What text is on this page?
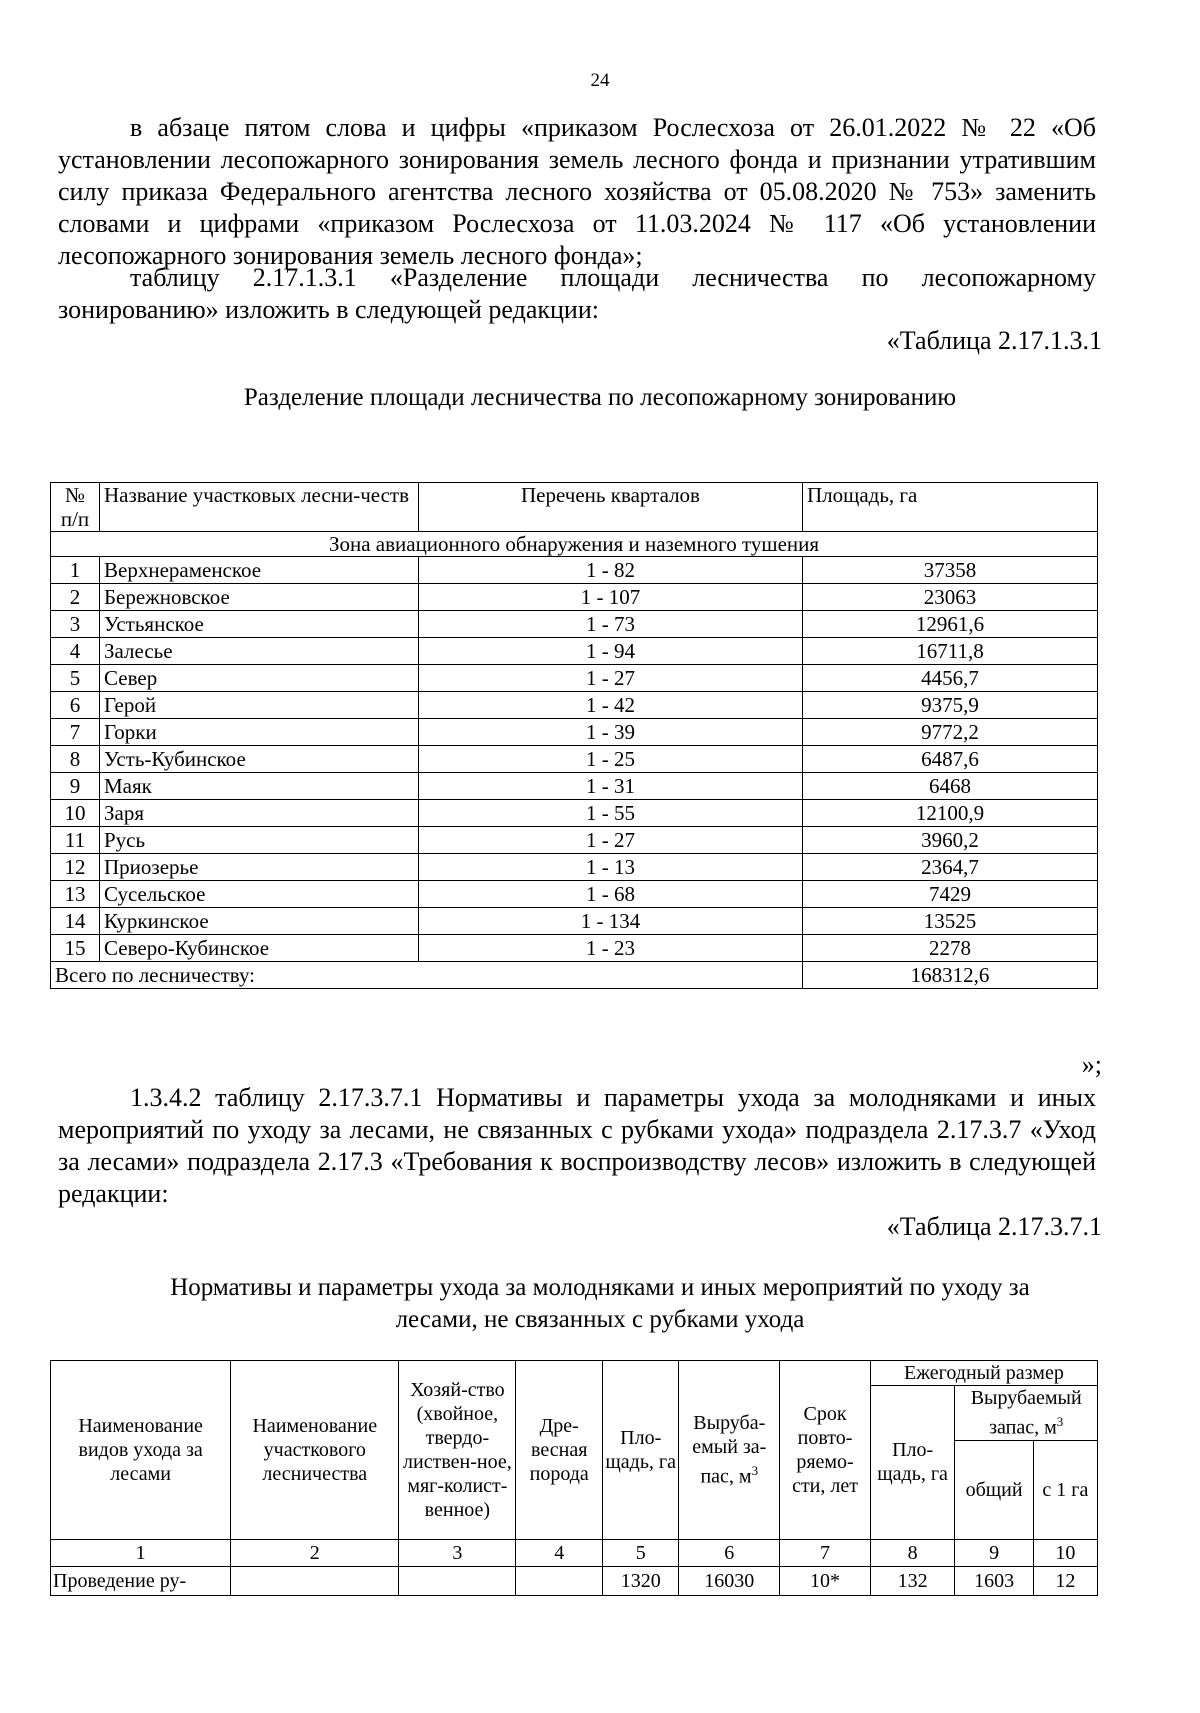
24

в абзаце пятом слова и цифры «приказом Рослесхоза от 26.01.2022 № 22 «Об установлении лесопожарного зонирования земель лесного фонда и признании утратившим силу приказа Федерального агентства лесного хозяйства от 05.08.2020 № 753» заменить словами и цифрами «приказом Рослесхоза от 11.03.2024 № 117 «Об установлении лесопожарного зонирования земель лесного фонда»;

таблицу 2.17.1.3.1 «Разделение площади лесничества по лесопожарному зонированию» изложить в следующей редакции:

«Таблица 2.17.1.3.1
Разделение площади лесничества по лесопожарному зонированию
№ п/п	Название участковых лесни-честв	Перечень кварталов	Площадь, га
Зона авиационного обнаружения и наземного тушения			
1	Верхнераменское	1 - 82	37358
2	Бережновское	1 - 107	23063
3	Устьянское	1 - 73	12961,6
4	Залесье	1 - 94	16711,8
5	Север	1 - 27	4456,7
6	Герой	1 - 42	9375,9
7	Горки	1 - 39	9772,2
8	Усть-Кубинское	1 - 25	6487,6
9	Маяк	1 - 31	6468
10	Заря	1 - 55	12100,9
11	Русь	1 - 27	3960,2
12	Приозерье	1 - 13	2364,7
13	Сусельское	1 - 68	7429
14	Куркинское	1 - 134	13525
15	Северо-Кубинское	1 - 23	2278
Всего по лесничеству:			168312,6
»;

1.3.4.2 таблицу 2.17.3.7.1 Нормативы и параметры ухода за молодняками и иных мероприятий по уходу за лесами, не связанных с рубками ухода» подраздела 2.17.3.7 «Уход за лесами» подраздела 2.17.3 «Требования к воспроизводству лесов» изложить в следующей редакции:

«Таблица 2.17.3.7.1
Нормативы и параметры ухода за молодняками и иных мероприятий по уходу за
лесами, не связанных с рубками ухода
Наименование видов ухода за лесами	Наименование участкового лесничества	Хозяй-ство (хвойное, твердо-листвен-ное, мяг-колист-венное)	Дре-весная порода	Пло-щадь, га	Выруба-емый за-пас, $м^3$	Срок повто-ряемо-сти, лет	Ежегодный размер		
							Пло-щадь, га	Вырубаемый запас, $м^3$
								общий	с 1 га
1	2	3	4	5	6	7	8	9	10
Проведение ру-				1320	16030	10*	132	1603	12
